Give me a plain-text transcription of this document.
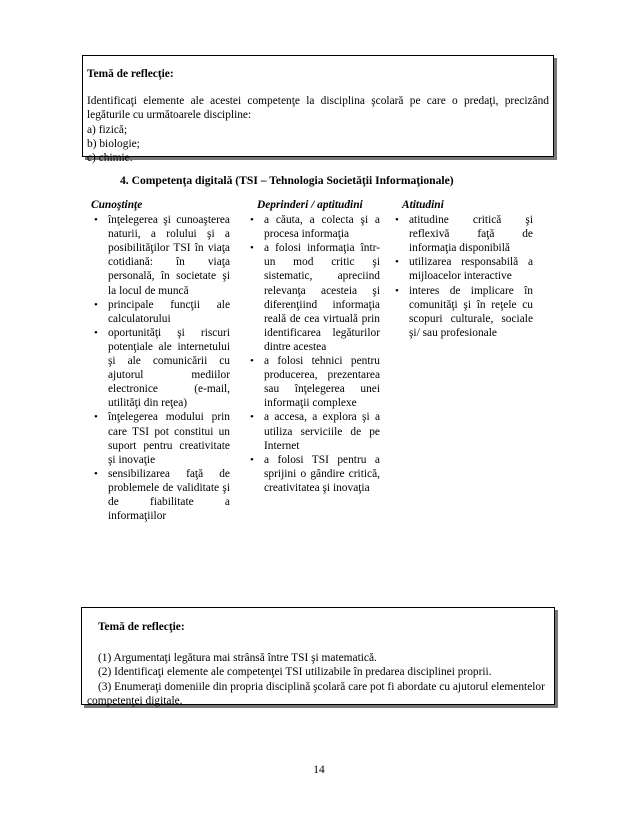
Temă de reflecţie:
Identificaţi elemente ale acestei competenţe la disciplina şcolară pe care o predaţi, precizând legăturile cu următoarele discipline:
a) fizică;
b) biologie;
c) chimie.
4. Competenţa digitală (TSI – Tehnologia Societăţii Informaţionale)
Cunoştinţe
• înţelegerea şi cunoaşterea naturii, a rolului şi a posibilităţilor TSI în viaţa cotidiană: în viaţa personală, în societate şi la locul de muncă
• principale funcţii ale calculatorului
• oportunităţi şi riscuri potenţiale ale internetului şi ale comunicării cu ajutorul mediilor electronice (e-mail, utilităţi din reţea)
• înţelegerea modului prin care TSI pot constitui un suport pentru creativitate şi inovaţie
• sensibilizarea faţă de problemele de validitate şi de fiabilitate a informaţiilor
Deprinderi / aptitudini
• a căuta, a colecta şi a procesa informaţia
• a folosi informaţia într-un mod critic şi sistematic, apreciind relevanţa acesteia şi diferenţiind informaţia reală de cea virtuală prin identificarea legăturilor dintre acestea
• a folosi tehnici pentru producerea, prezentarea sau înţelegerea unei informaţii complexe
• a accesa, a explora şi a utiliza serviciile de pe Internet
• a folosi TSI pentru a sprijini o gândire critică, creativitatea şi inovaţia
Atitudini
• atitudine critică şi reflexivă faţă de informaţia disponibilă
• utilizarea responsabilă a mijloacelor interactive
• interes de implicare în comunităţi şi în reţele cu scopuri culturale, sociale şi/ sau profesionale
Temă de reflecţie:
(1) Argumentaţi legătura mai strânsă între TSI şi matematică.
(2) Identificaţi elemente ale competenţei TSI utilizabile în predarea disciplinei proprii.
(3) Enumeraţi domeniile din propria disciplină şcolară care pot fi abordate cu ajutorul elementelor competenţei digitale.
14
